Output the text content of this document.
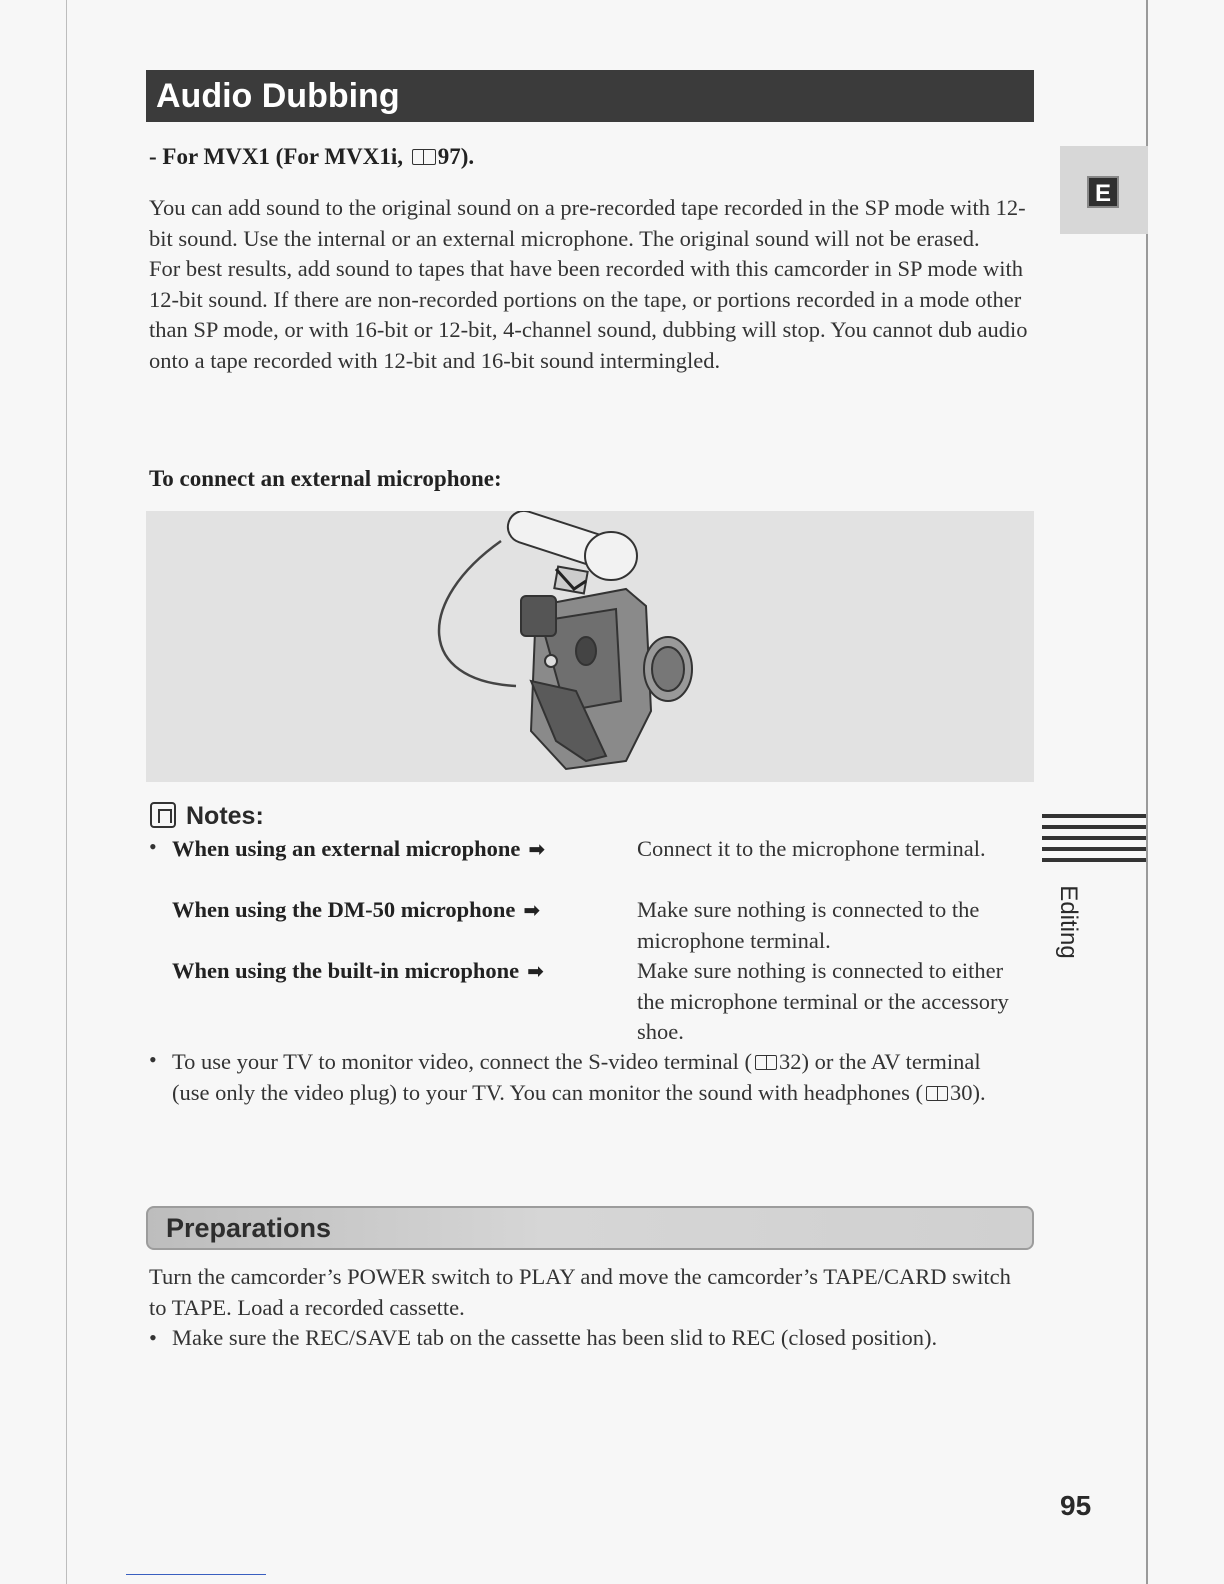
Audio Dubbing
- For MVX1 (For MVX1i, 97).

You can add sound to the original sound on a pre-recorded tape recorded in the SP mode with 12-bit sound. Use the internal or an external microphone. The original sound will not be erased.

For best results, add sound to tapes that have been recorded with this camcorder in SP mode with 12-bit sound. If there are non-recorded portions on the tape, or portions recorded in a mode other than SP mode, or with 16-bit or 12-bit, 4-channel sound, dubbing will stop. You cannot dub audio onto a tape recorded with 12-bit and 16-bit sound intermingled.

To connect an external microphone:
E
Editing
Notes:
• When using an external microphone ➡	Connect it to the microphone terminal.
When using the DM-50 microphone ➡	Make sure nothing is connected to the microphone terminal.
When using the built-in microphone ➡	Make sure nothing is connected to either the microphone terminal or the accessory shoe.
• To use your TV to monitor video, connect the S-video terminal ( 32) or the AV terminal (use only the video plug) to your TV. You can monitor the sound with headphones ( 30).
Preparations
Turn the camcorder’s POWER switch to PLAY and move the camcorder’s TAPE/CARD switch to TAPE. Load a recorded cassette.
• Make sure the REC/SAVE tab on the cassette has been slid to REC (closed position).
95
